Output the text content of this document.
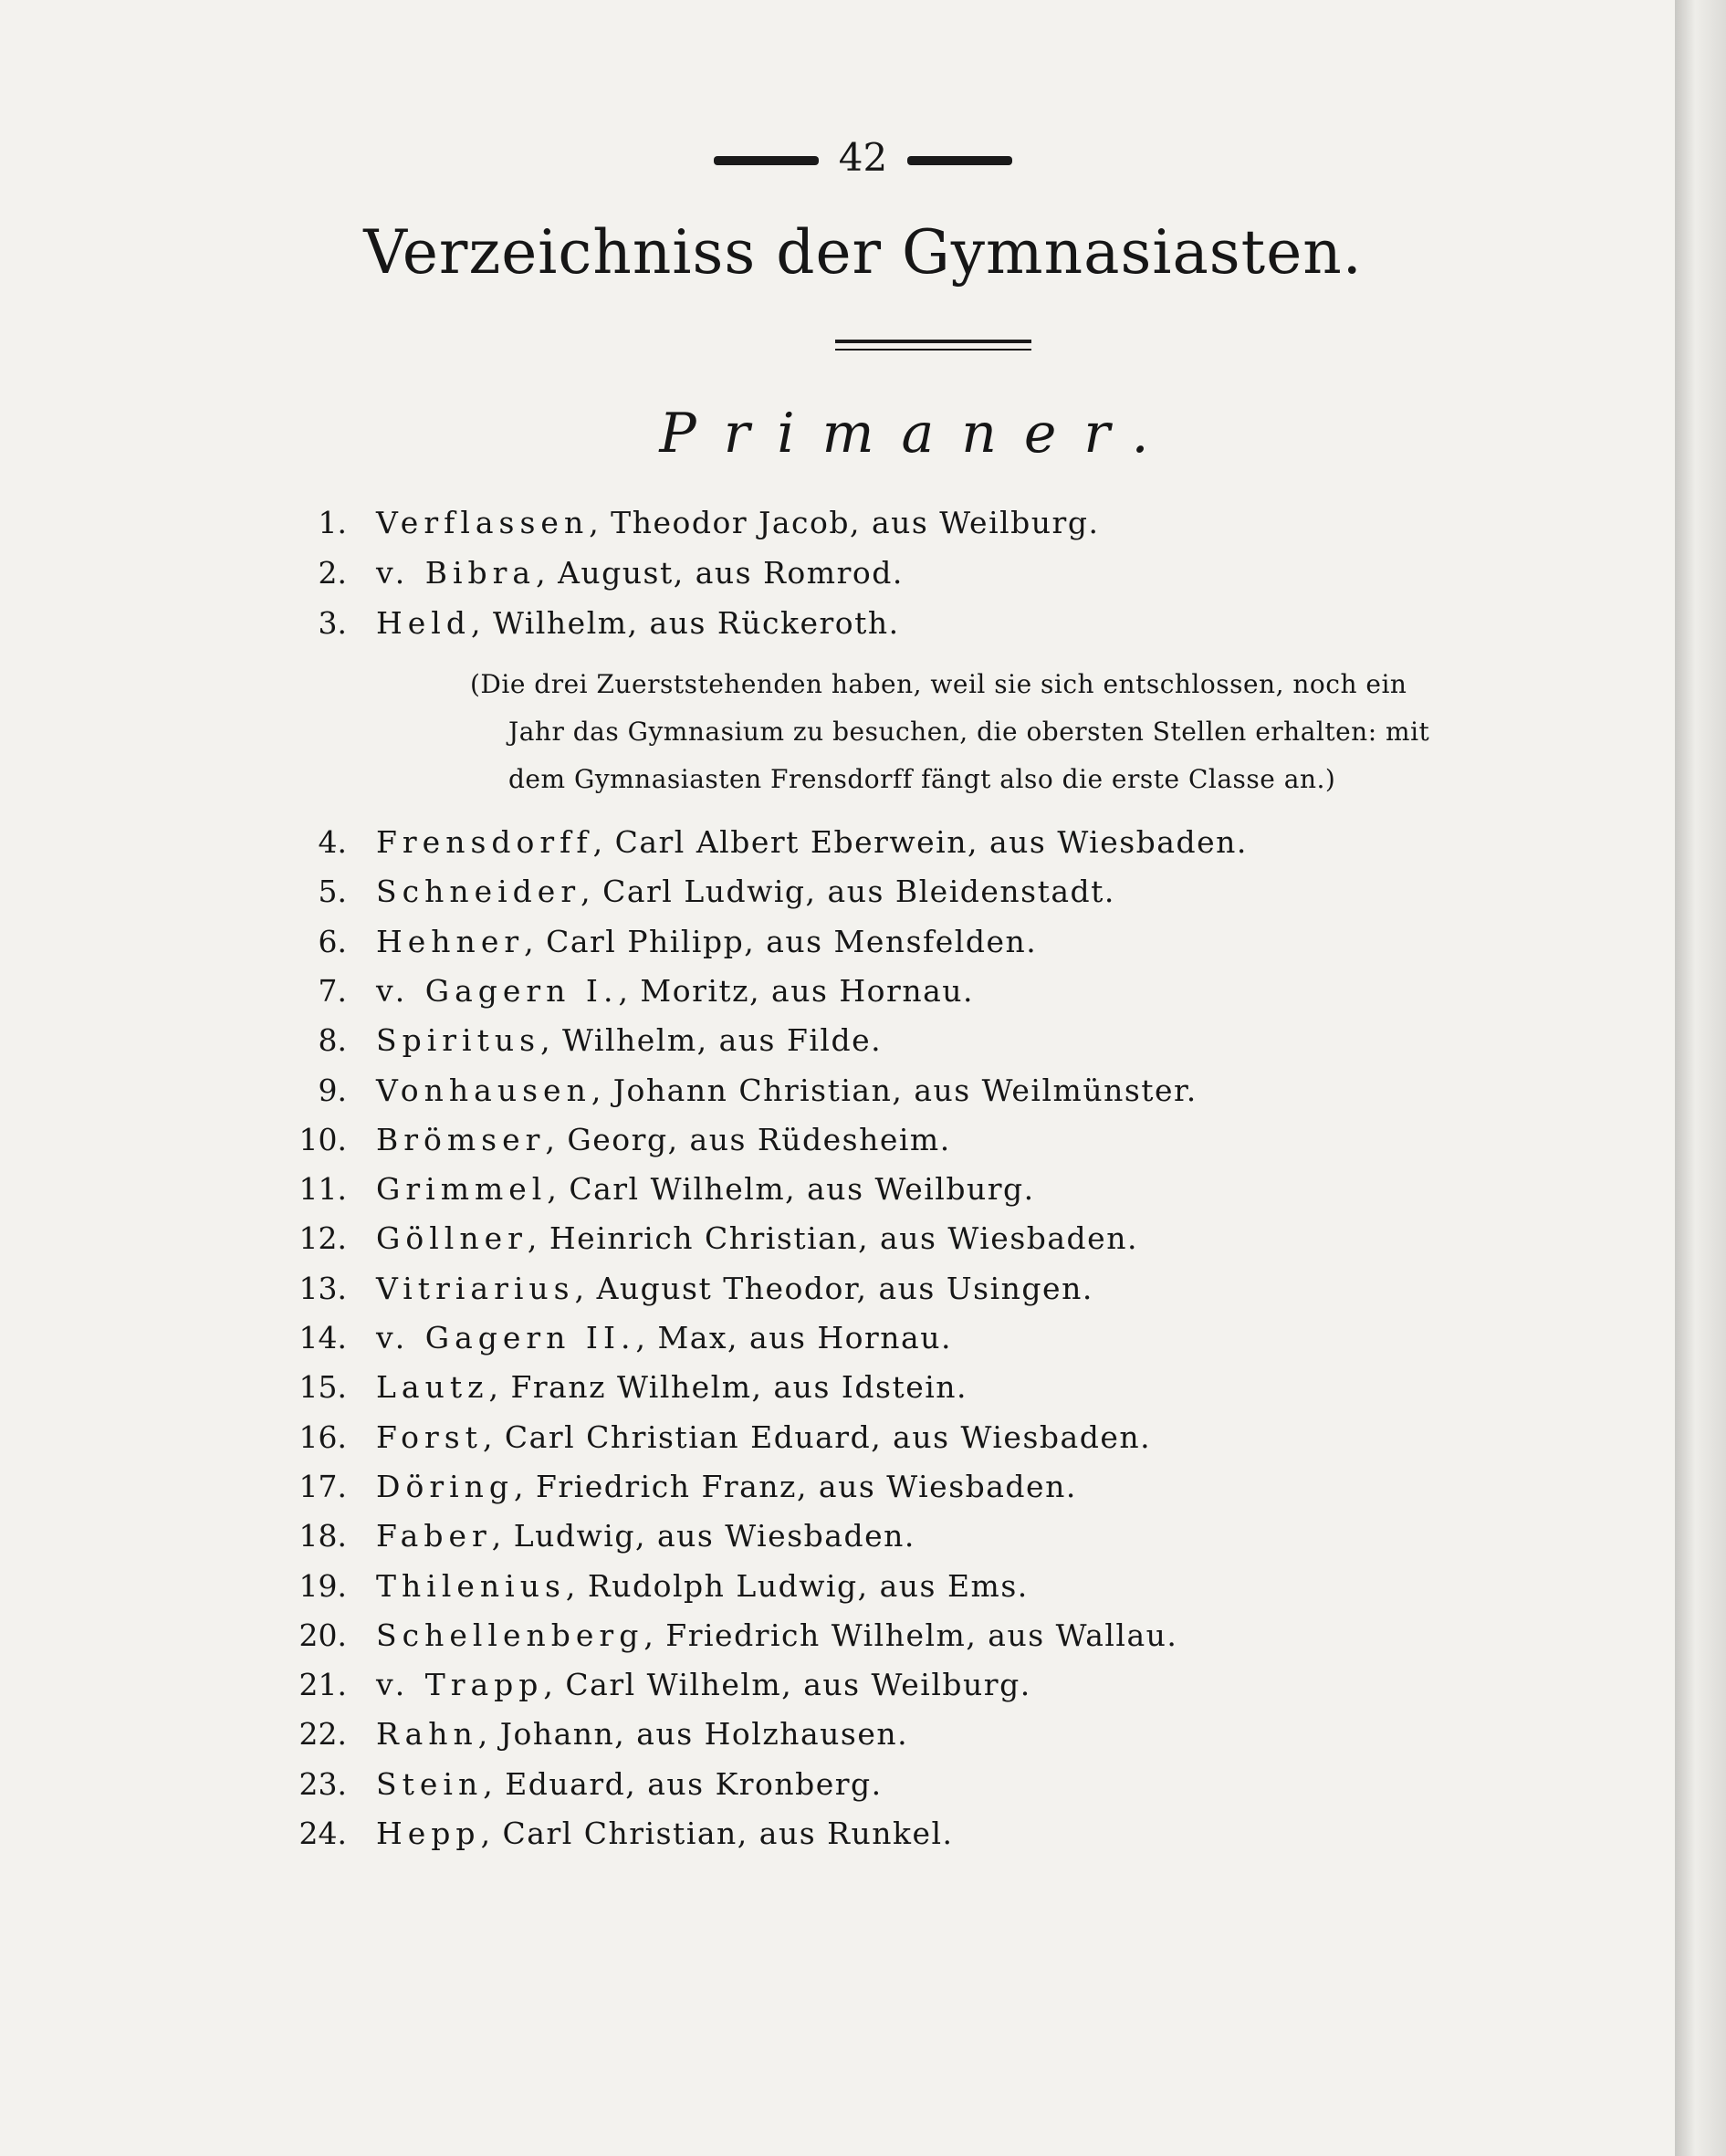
42
Verzeichniss der Gymnasiasten.
Primaner.
1. Verflassen, Theodor Jacob, aus Weilburg.
2. v. Bibra, August, aus Romrod.
3. Held, Wilhelm, aus Rückeroth.
4. Frensdorff, Carl Albert Eberwein, aus Wiesbaden.
5. Schneider, Carl Ludwig, aus Bleidenstadt.
6. Hehner, Carl Philipp, aus Mensfelden.
7. v. Gagern I., Moritz, aus Hornau.
8. Spiritus, Wilhelm, aus Filde.
9. Vonhausen, Johann Christian, aus Weilmünster.
10. Brömser, Georg, aus Rüdesheim.
11. Grimmel, Carl Wilhelm, aus Weilburg.
12. Göllner, Heinrich Christian, aus Wiesbaden.
13. Vitriarius, August Theodor, aus Usingen.
14. v. Gagern II., Max, aus Hornau.
15. Lautz, Franz Wilhelm, aus Idstein.
16. Forst, Carl Christian Eduard, aus Wiesbaden.
17. Döring, Friedrich Franz, aus Wiesbaden.
18. Faber, Ludwig, aus Wiesbaden.
19. Thilenius, Rudolph Ludwig, aus Ems.
20. Schellenberg, Friedrich Wilhelm, aus Wallau.
21. v. Trapp, Carl Wilhelm, aus Weilburg.
22. Rahn, Johann, aus Holzhausen.
23. Stein, Eduard, aus Kronberg.
24. Hepp, Carl Christian, aus Runkel.
(Die drei Zuerststehenden haben, weil sie sich entschlossen, noch ein
Jahr das Gymnasium zu besuchen, die obersten Stellen erhalten: mit
dem Gymnasiasten Frensdorff fängt also die erste Classe an.)
